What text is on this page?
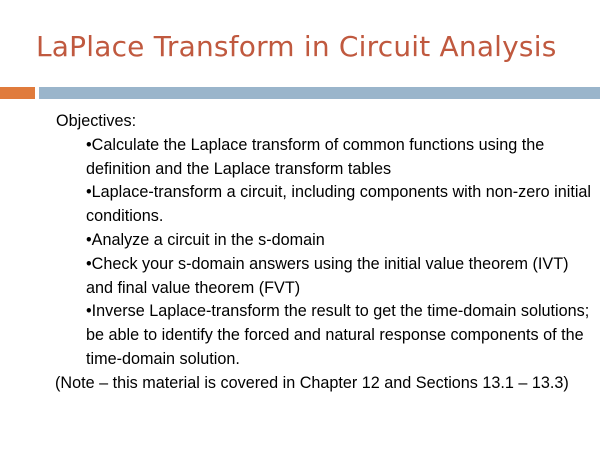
LaPlace Transform in Circuit Analysis

Objectives:

•Calculate the Laplace transform of common functions using the definition and the Laplace transform tables
•Laplace-transform a circuit, including components with non-zero initial conditions.
•Analyze a circuit in the s-domain
•Check your s-domain answers using the initial value theorem (IVT) and final value theorem (FVT)
•Inverse Laplace-transform the result to get the time-domain solutions; be able to identify the forced and natural response components of the time-domain solution.

(Note – this material is covered in Chapter 12 and Sections 13.1 – 13.3)
